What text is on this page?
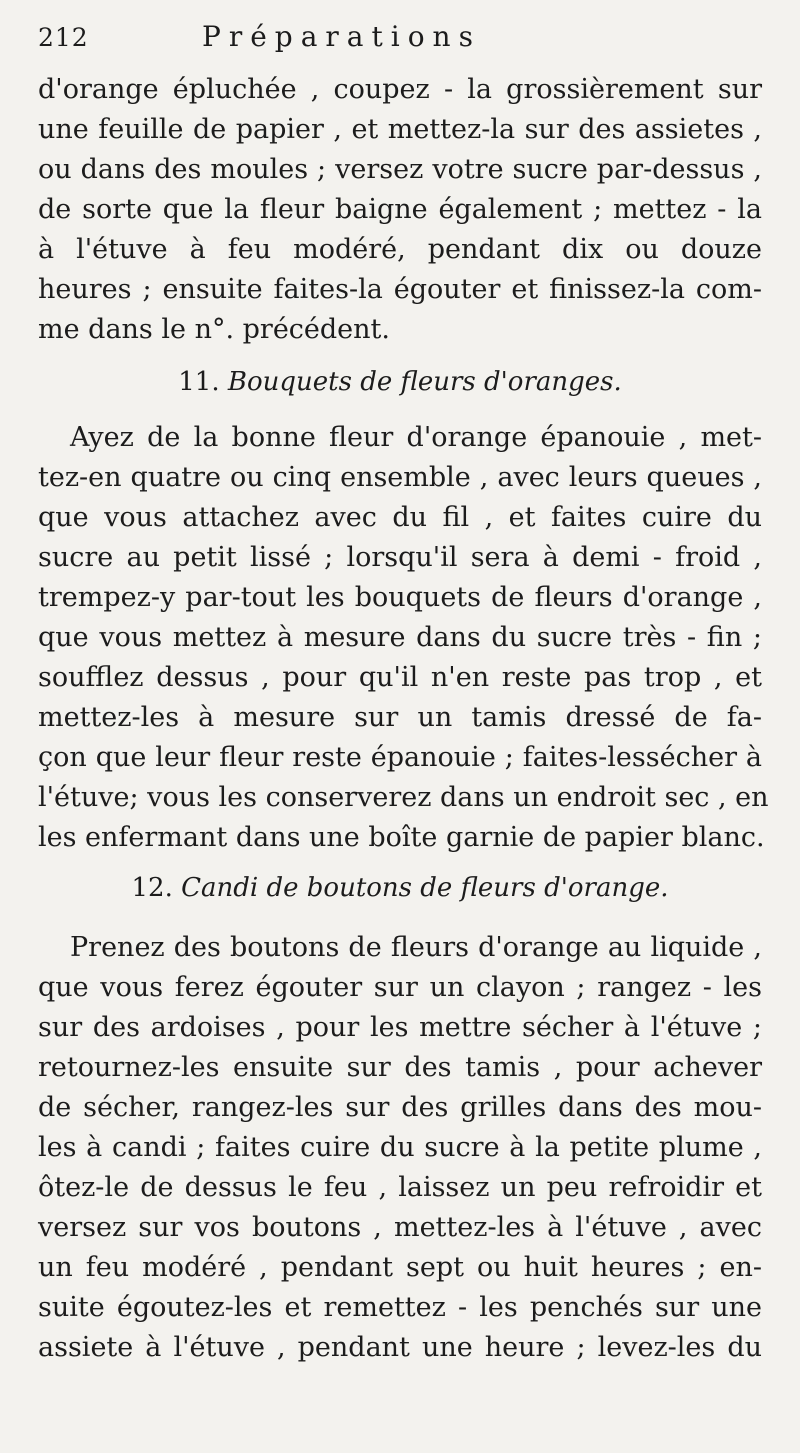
212	Préparations
d'orange épluchée , coupez - la grossièrement sur
une feuille de papier , et mettez-la sur des assietes ,
ou dans des moules ; versez votre sucre par-dessus ,
de sorte que la fleur baigne également ; mettez - la
à l'étuve à feu modéré, pendant dix ou douze
heures ; ensuite faites-la égouter et finissez-la com-
me dans le n°. précédent.
11. Bouquets de fleurs d'oranges.
Ayez de la bonne fleur d'orange épanouie , met-
tez-en quatre ou cinq ensemble , avec leurs queues ,
que vous attachez avec du fil , et faites cuire du
sucre au petit lissé ; lorsqu'il sera à demi - froid ,
trempez-y par-tout les bouquets de fleurs d'orange ,
que vous mettez à mesure dans du sucre très - fin ;
soufflez dessus , pour qu'il n'en reste pas trop , et
mettez-les à mesure sur un tamis dressé de fa-
çon que leur fleur reste épanouie ; faites-lessécher à
l'étuve; vous les conserverez dans un endroit sec , en
les enfermant dans une boîte garnie de papier blanc.
12. Candi de boutons de fleurs d'orange.
Prenez des boutons de fleurs d'orange au liquide ,
que vous ferez égouter sur un clayon ; rangez - les
sur des ardoises , pour les mettre sécher à l'étuve ;
retournez-les ensuite sur des tamis , pour achever
de sécher, rangez-les sur des grilles dans des mou-
les à candi ; faites cuire du sucre à la petite plume ,
ôtez-le de dessus le feu , laissez un peu refroidir et
versez sur vos boutons , mettez-les à l'étuve , avec
un feu modéré , pendant sept ou huit heures ; en-
suite égoutez-les et remettez - les penchés sur une
assiete à l'étuve , pendant une heure ; levez-les du
